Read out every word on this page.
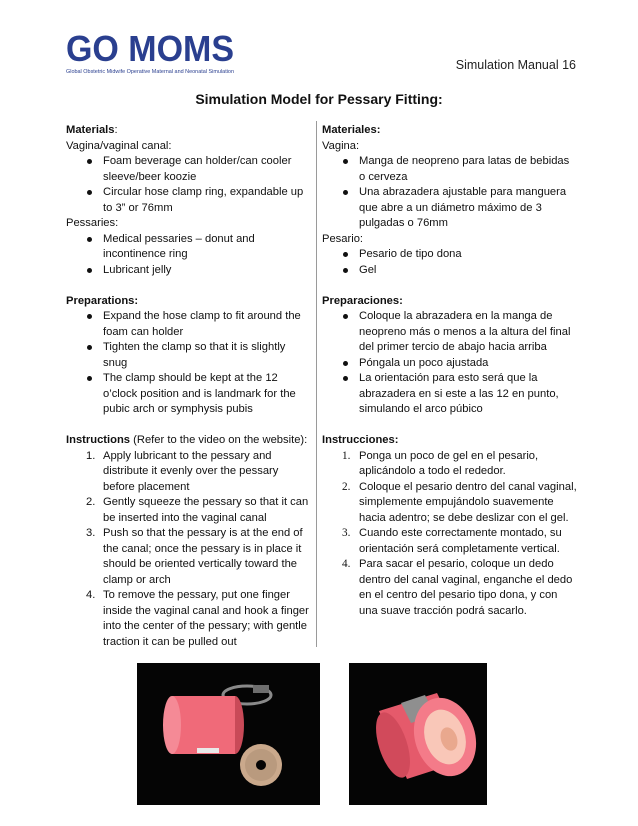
GO MOMS
Global Obstetric Midwife Operative Maternal and Neonatal Simulation	Simulation Manual 16
Simulation Model for Pessary Fitting:

Materials:

Vagina/vaginal canal:

Foam beverage can holder/can cooler sleeve/beer koozie
Circular hose clamp ring, expandable up to 3” or 76mm

Pessaries:

Medical pessaries – donut and incontinence ring
Lubricant jelly

Preparations:

Expand the hose clamp to fit around the foam can holder
Tighten the clamp so that it is slightly snug
The clamp should be kept at the 12 o’clock position and is landmark for the pubic arch or symphysis pubis

Instructions (Refer to the video on the website):

1. Apply lubricant to the pessary and distribute it evenly over the pessary before placement
2. Gently squeeze the pessary so that it can be inserted into the vaginal canal
3. Push so that the pessary is at the end of the canal; once the pessary is in place it should be oriented vertically toward the clamp or arch
4. To remove the pessary, put one finger inside the vaginal canal and hook a finger into the center of the pessary; with gentle traction it can be pulled out

Materiales:

Vagina:

Manga de neopreno para latas de bebidas o cerveza
Una abrazadera ajustable para manguera que abre a un diámetro máximo de 3 pulgadas o 76mm

Pesario:

Pesario de tipo dona
Gel

Preparaciones:

Coloque la abrazadera en la manga de neopreno más o menos a la altura del final del primer tercio de abajo hacia arriba
Póngala un poco ajustada
La orientación para esto será que la abrazadera en si este a las 12 en punto, simulando el arco púbico

Instrucciones:

1. Ponga un poco de gel en el pesario, aplicándolo a todo el rededor.
2. Coloque el pesario dentro del canal vaginal, simplemente empujándolo suavemente hacia adentro; se debe deslizar con el gel.
3. Cuando este correctamente montado, su orientación será completamente vertical.
4. Para sacar el pesario, coloque un dedo dentro del canal vaginal, enganche el dedo en el centro del pesario tipo dona, y con una suave tracción podrá sacarlo.
